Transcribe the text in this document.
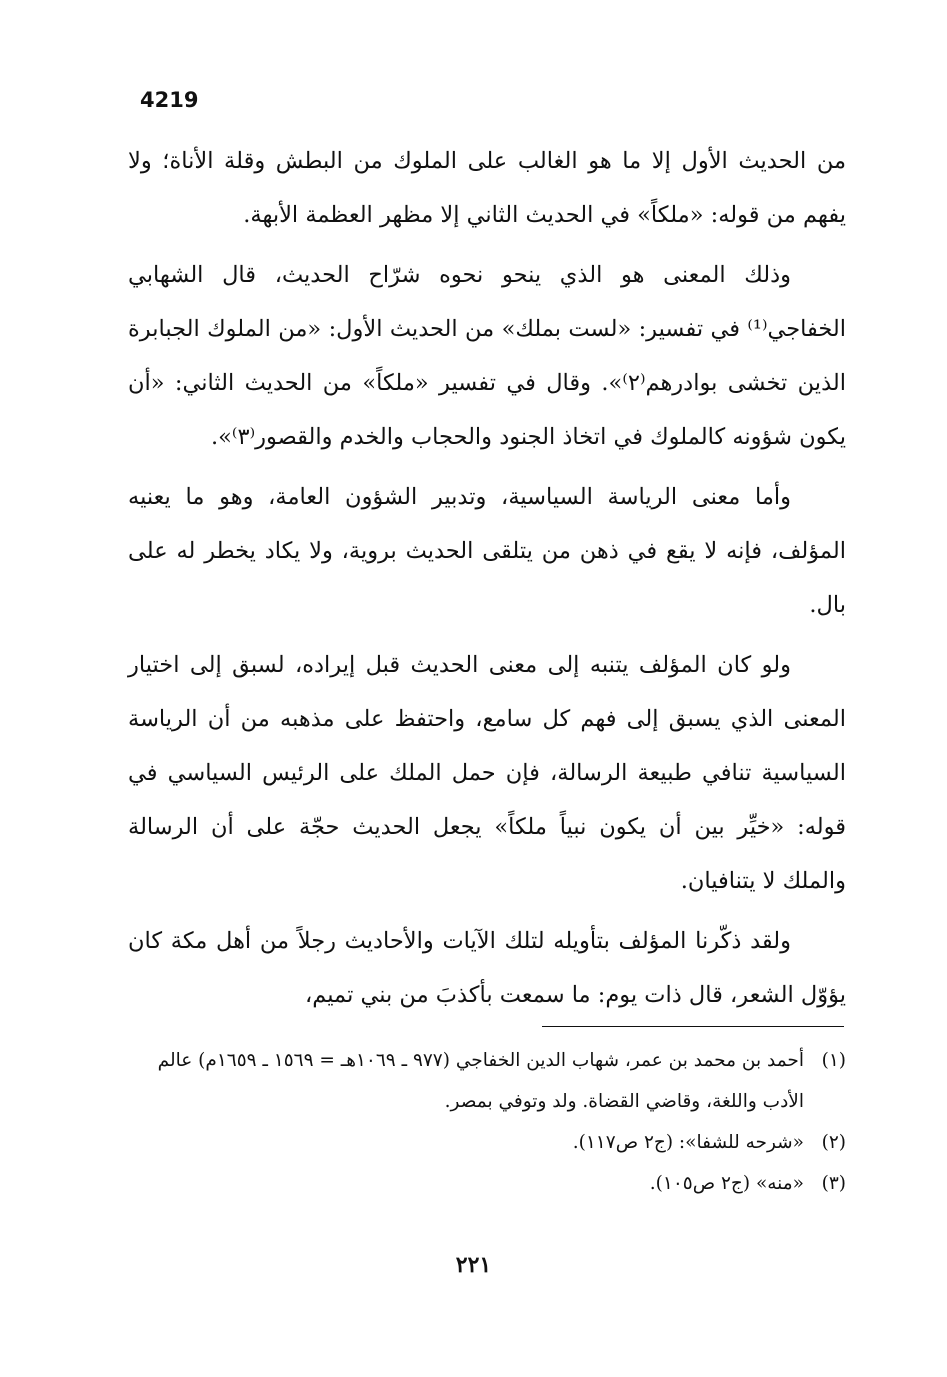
4219

من الحديث الأول إلا ما هو الغالب على الملوك من البطش وقلة الأناة؛ ولا يفهم من قوله: «ملكاً» في الحديث الثاني إلا مظهر العظمة الأبهة.

وذلك المعنى هو الذي ينحو نحوه شرّاح الحديث، قال الشهابي الخفاجي⁽¹⁾ في تفسير: «لست بملك» من الحديث الأول: «من الملوك الجبابرة الذين تخشى بوادرهم⁽٢⁾». وقال في تفسير «ملكاً» من الحديث الثاني: «أن يكون شؤونه كالملوك في اتخاذ الجنود والحجاب والخدم والقصور⁽٣⁾».

وأما معنى الرياسة السياسية، وتدبير الشؤون العامة، وهو ما يعنيه المؤلف، فإنه لا يقع في ذهن من يتلقى الحديث بروية، ولا يكاد يخطر له على بال.

ولو كان المؤلف يتنبه إلى معنى الحديث قبل إيراده، لسبق إلى اختيار المعنى الذي يسبق إلى فهم كل سامع، واحتفظ على مذهبه من أن الرياسة السياسية تنافي طبيعة الرسالة، فإن حمل الملك على الرئيس السياسي في قوله: «خيِّر بين أن يكون نبياً ملكاً» يجعل الحديث حجّة على أن الرسالة والملك لا يتنافيان.

ولقد ذكّرنا المؤلف بتأويله لتلك الآيات والأحاديث رجلاً من أهل مكة كان يؤوّل الشعر، قال ذات يوم: ما سمعت بأكذبَ من بني تميم،

(١)
أحمد بن محمد بن عمر، شهاب الدين الخفاجي (٩٧٧ ـ ١٠٦٩هـ = ١٥٦٩ ـ ١٦٥٩م) عالم الأدب واللغة، وقاضي القضاة. ولد وتوفي بمصر.
(٢)
«شرحه للشفا»: (ج٢ ص١١٧).
(٣)
«منه» (ج٢ ص١٠٥).
٢٢١
